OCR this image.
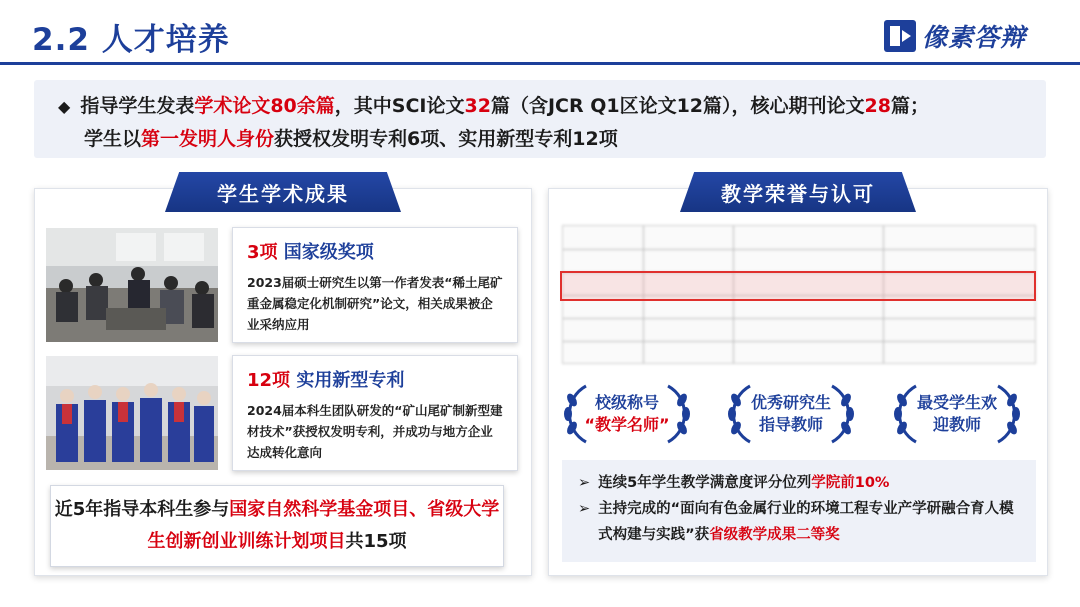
2.2 人才培养	像素答辩
◆ 指导学生发表学术论文80余篇，其中SCI论文32篇（含JCR Q1区论文12篇），核心期刊论文28篇；
学生以第一发明人身份获授权发明专利6项、实用新型专利12项
学生学术成果
3项 国家级奖项

2023届硕士研究生以第一作者发表“稀土尾矿重金属稳定化机制研究”论文，相关成果被企业采纳应用

12项 实用新型专利

2024届本科生团队研发的“矿山尾矿制新型建材技术”获授权发明专利，并成功与地方企业达成转化意向

近5年指导本科生参与国家自然科学基金项目、省级大学生创新创业训练计划项目共15项
教学荣誉与认可
校级称号
“教学名师”
优秀研究生
指导教师
最受学生欢
迎教师
➢ 连续5年学生教学满意度评分位列学院前10%
➢ 主持完成的“面向有色金属行业的环境工程专业产学研融合育人模式构建与实践”获省级教学成果二等奖
